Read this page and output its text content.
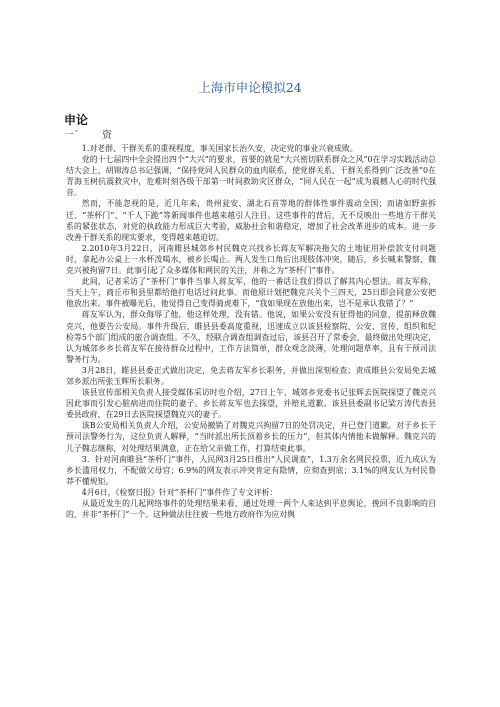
上海市申论模拟24
申论
一` 资

1.对老群、干群关系的重视程度，事关国家长治久安，决定党的事业兴衰成败。

党的十七届四中全会提出四个“大兴”的要求，首要的就是“大兴密切联系群众之风”0在学习实践活动总结大会上，胡锦涛总书记强调，“保持党同人民群众的血肉联系，使党群关系、干群关系得到广泛改善”0在青海玉树抗震救灾中，危难时刻各级干部第一时间救助灾区群众，“同人民在一起”成为震撼人心的时代强音。

然而，不能忽视的是，近几年来，贵州瓮安、湖北石首等地的群体性事件震动全国；而诸如野蛮拆迁、“茶杯门”、“千人下跪”等新闻事件也越来越引人注目。这些事件的背后，无不反映出一些地方干群关系的紧张状态，对党的执政能力形成巨大考验，威胁社会和谐稳定，增加了社会改革进步的成本。进一步改善干群关系的现实要求，变得越来越迫切。

2.2010年3月22日，河南睢县城郊乡村民魏克兴找乡长蒋友军解决拖欠的土地征用补偿款支付问题时，拿起办公桌上一水杯泼喝水，被乡长喝止。两人发生口角后出现肢体冲突，随后，乡长喊来警察，魏克兴被拘留7日。此事引起了众多媒体和网民的关注，并称之为“茶杯门”事件。

此间，记者采访了“茶杯门”事件当事人蒋友军，他的一番话让我们得以了解其内心想法。蒋友军称，当天上午，商丘市和县里都给他打电话过问此事。而他原计划把魏克兴关个三四天，25日即会同意公安把他放出来。事件被曝光后，他觉得自己变得骑虎难下，“我如果现在放他出来，岂不是承认我错了？”

蒋友军认为，群众侮辱了他，他这样处理，没有错。他说，如果公安没有征得他的同意，提前释放魏克兴，他要告公安局。事件升级后，睢县县委高度重视，迅速成立以该县检察院、公安、宣传、组织和纪检等5个部门组成的旅合调查组。不久，经联合调查组调查过后，该县召开了常委会，最终做出处理决定，认为城郊乡乡长蒋友军在接待群众过程中，工作方法简单，群众观念淡薄，处理问题草率，且有干预司法警务行为。

3月28日，睢县县委正式做出决定，免去蒋友军乡长职务，并做出深刻检查；责成睢县公安局免去城郊乡派出所张玉辉所长职务。

该县宣传部相关负责人接受媒体采访时也介绍，27日上午，城郊乡党委书记张辉去医院探望了魏克兴因此事而引发心脏病进而住院的妻子。乡长蒋友军也去探望，并赔礼道歉。该县县委副书记梁万涛代表县委县政府，在29日去医院探望魏克兴的妻子。

该B公安局相关负责人介绍，公安局撤销了对魏克兴拘留7日的处罚决定，并已登门道歉。对于乡长干预司法警务行为，这位负责人解释，“当时派出所长顶着乡长的压力”，但其体内情他未做解释。魏克兴的儿子魏志继称，对处理结果满意，正在给父亲做工作，打算结束此事。

3．针对河南睢县“茶杯门”事件，人民网3月25日推出“人民调查”，1.3万余名网民投票，近九成认为乡长滥用权力，不配做父母官；6.9%的网友表示冲突肯定有隐情，应彻查到底；3.1%的网友认为村民鲁莽不懂规矩。

4月6日，《检察日报》针对“茶杯门”事件作了专文评析：

从最近发生的几起网络事件的处理结果来看，通过处理一两个人来达到平息舆论，挽回不良影响的目的，并非“茶杯门”一个。这种做法往往被一些地方政府作为应对舆
